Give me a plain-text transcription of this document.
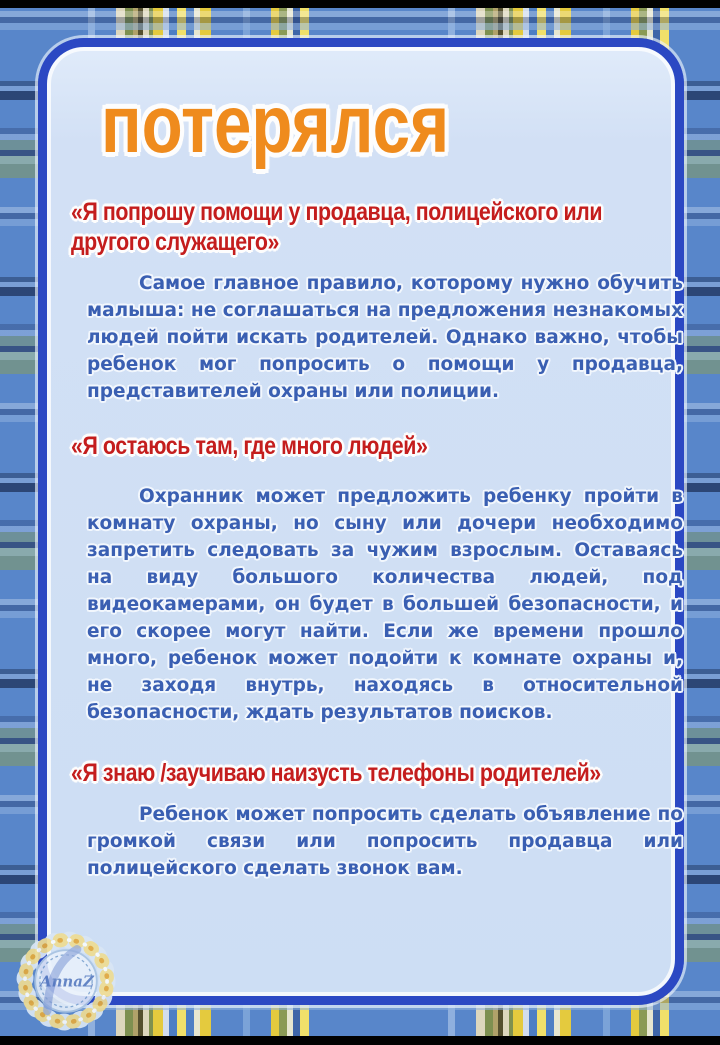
потерялся
«Я попрошу помощи у продавца, полицейского или другого служащего»

Самое главное правило, которому нужно обучить малыша: не соглашаться на предложения незнакомых людей пойти искать родителей. Однако важно, чтобы ребенок мог попросить о помощи у продавца, представителей охраны или полиции.

«Я остаюсь там, где много людей»

Охранник может предложить ребенку пройти в комнату охраны, но сыну или дочери необходимо запретить следовать за чужим взрослым. Оставаясь на виду большого количества людей, под видеокамерами, он будет в большей безопасности, и его скорее могут найти. Если же времени прошло много, ребенок может подойти к комнате охраны и, не заходя внутрь, находясь в относительной безопасности, ждать результатов поисков.

«Я знаю /заучиваю наизусть телефоны родителей»

Ребенок может попросить сделать объявление по громкой связи или попросить продавца или полицейского сделать звонок вам.

AnnaZ
